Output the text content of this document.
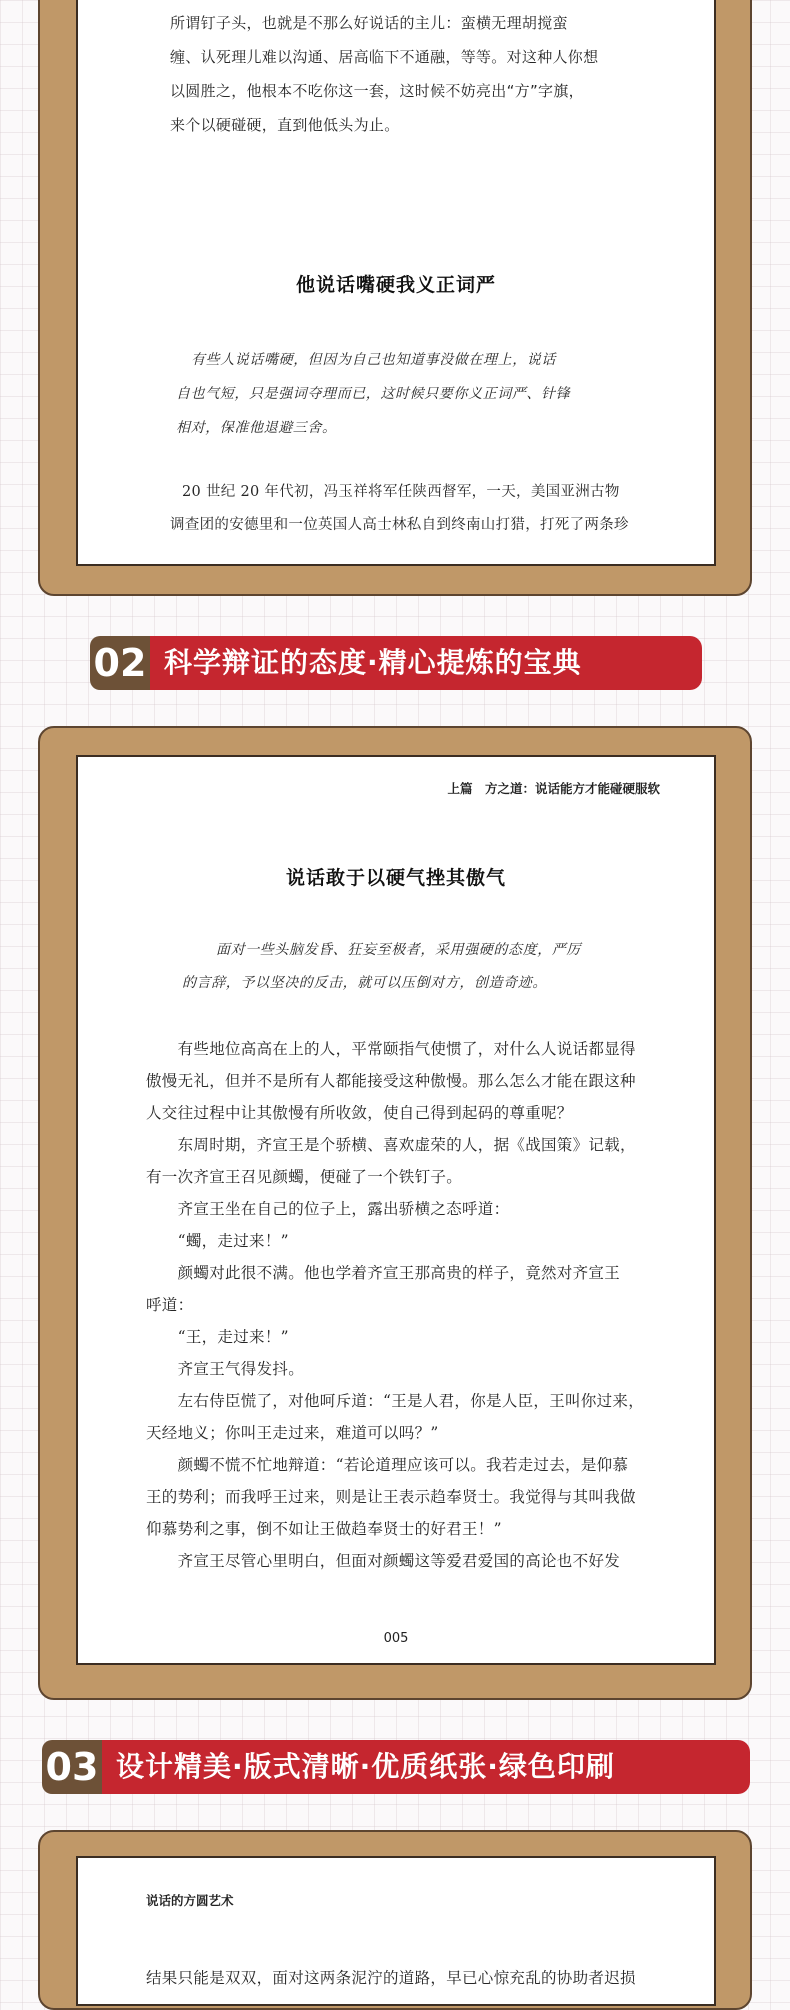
所谓钉子头，也就是不那么好说话的主儿：蛮横无理胡搅蛮

缠、认死理儿难以沟通、居高临下不通融，等等。对这种人你想

以圆胜之，他根本不吃你这一套，这时候不妨亮出“方”字旗，

来个以硬碰硬，直到他低头为止。

他说话嘴硬我义正词严

有些人说话嘴硬，但因为自己也知道事没做在理上，说话

自也气短，只是强词夺理而已，这时候只要你义正词严、针锋

相对，保准他退避三舍。

20 世纪 20 年代初，冯玉祥将军任陕西督军，一天，美国亚洲古物

调查团的安德里和一位英国人高士林私自到终南山打猎，打死了两条珍

02 科学辩证的态度·精心提炼的宝典
上篇　方之道：说话能方才能碰硬服软
说话敢于以硬气挫其傲气

面对一些头脑发昏、狂妄至极者，采用强硬的态度，严厉

的言辞，予以坚决的反击，就可以压倒对方，创造奇迹。

　　有些地位高高在上的人，平常颐指气使惯了，对什么人说话都显得

傲慢无礼，但并不是所有人都能接受这种傲慢。那么怎么才能在跟这种

人交往过程中让其傲慢有所收敛，使自己得到起码的尊重呢？

　　东周时期，齐宣王是个骄横、喜欢虚荣的人，据《战国策》记载，

有一次齐宣王召见颜蠋，便碰了一个铁钉子。

　　齐宣王坐在自己的位子上，露出骄横之态呼道：

　　“蠋，走过来！”

　　颜蠋对此很不满。他也学着齐宣王那高贵的样子，竟然对齐宣王

呼道：

　　“王，走过来！”

　　齐宣王气得发抖。

　　左右侍臣慌了，对他呵斥道：“王是人君，你是人臣，王叫你过来，

天经地义；你叫王走过来，难道可以吗？”

　　颜蠋不慌不忙地辩道：“若论道理应该可以。我若走过去，是仰慕

王的势利；而我呼王过来，则是让王表示趋奉贤士。我觉得与其叫我做

仰慕势利之事，倒不如让王做趋奉贤士的好君王！”

　　齐宣王尽管心里明白，但面对颜蠋这等爱君爱国的高论也不好发

005
03 设计精美·版式清晰·优质纸张·绿色印刷
说话的方圆艺术

结果只能是双双，面对这两条泥泞的道路，早已心惊充乱的协助者迟损
